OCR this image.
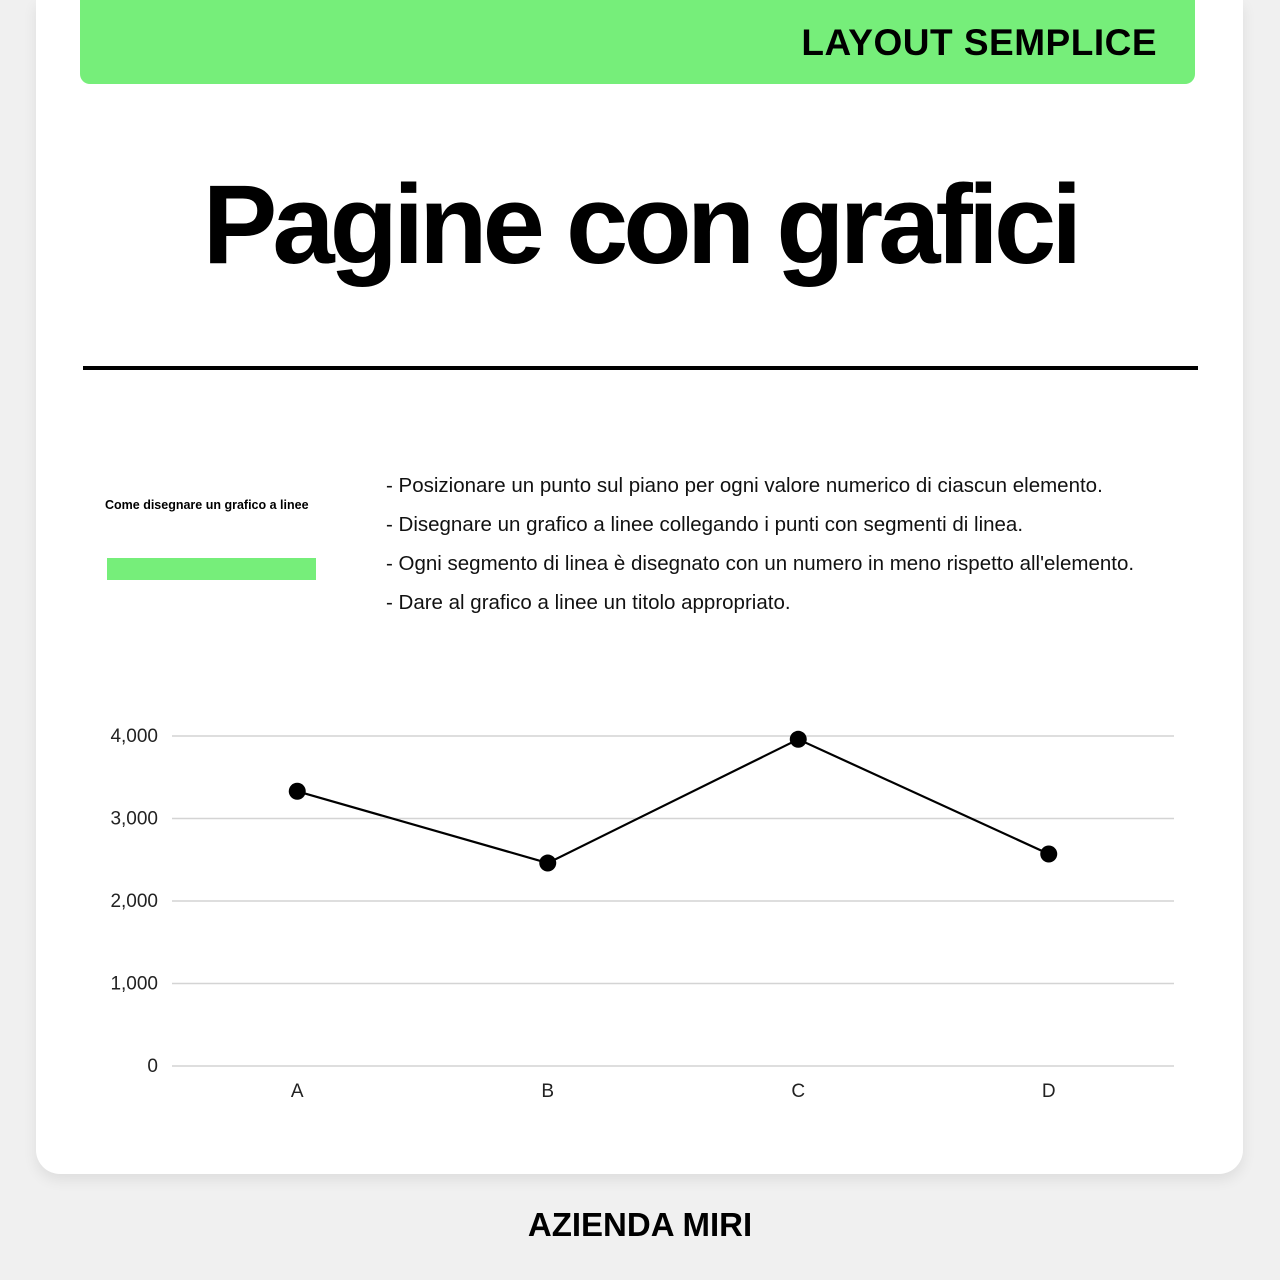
LAYOUT SEMPLICE
Pagine con grafici
Come disegnare un grafico a linee
- Posizionare un punto sul piano per ogni valore numerico di ciascun elemento.
- Disegnare un grafico a linee collegando i punti con segmenti di linea.
- Ogni segmento di linea è disegnato con un numero in meno rispetto all'elemento.
- Dare al grafico a linee un titolo appropriato.
0
1,000
2,000
3,000
4,000
A	B	C	D
AZIENDA MIRI
